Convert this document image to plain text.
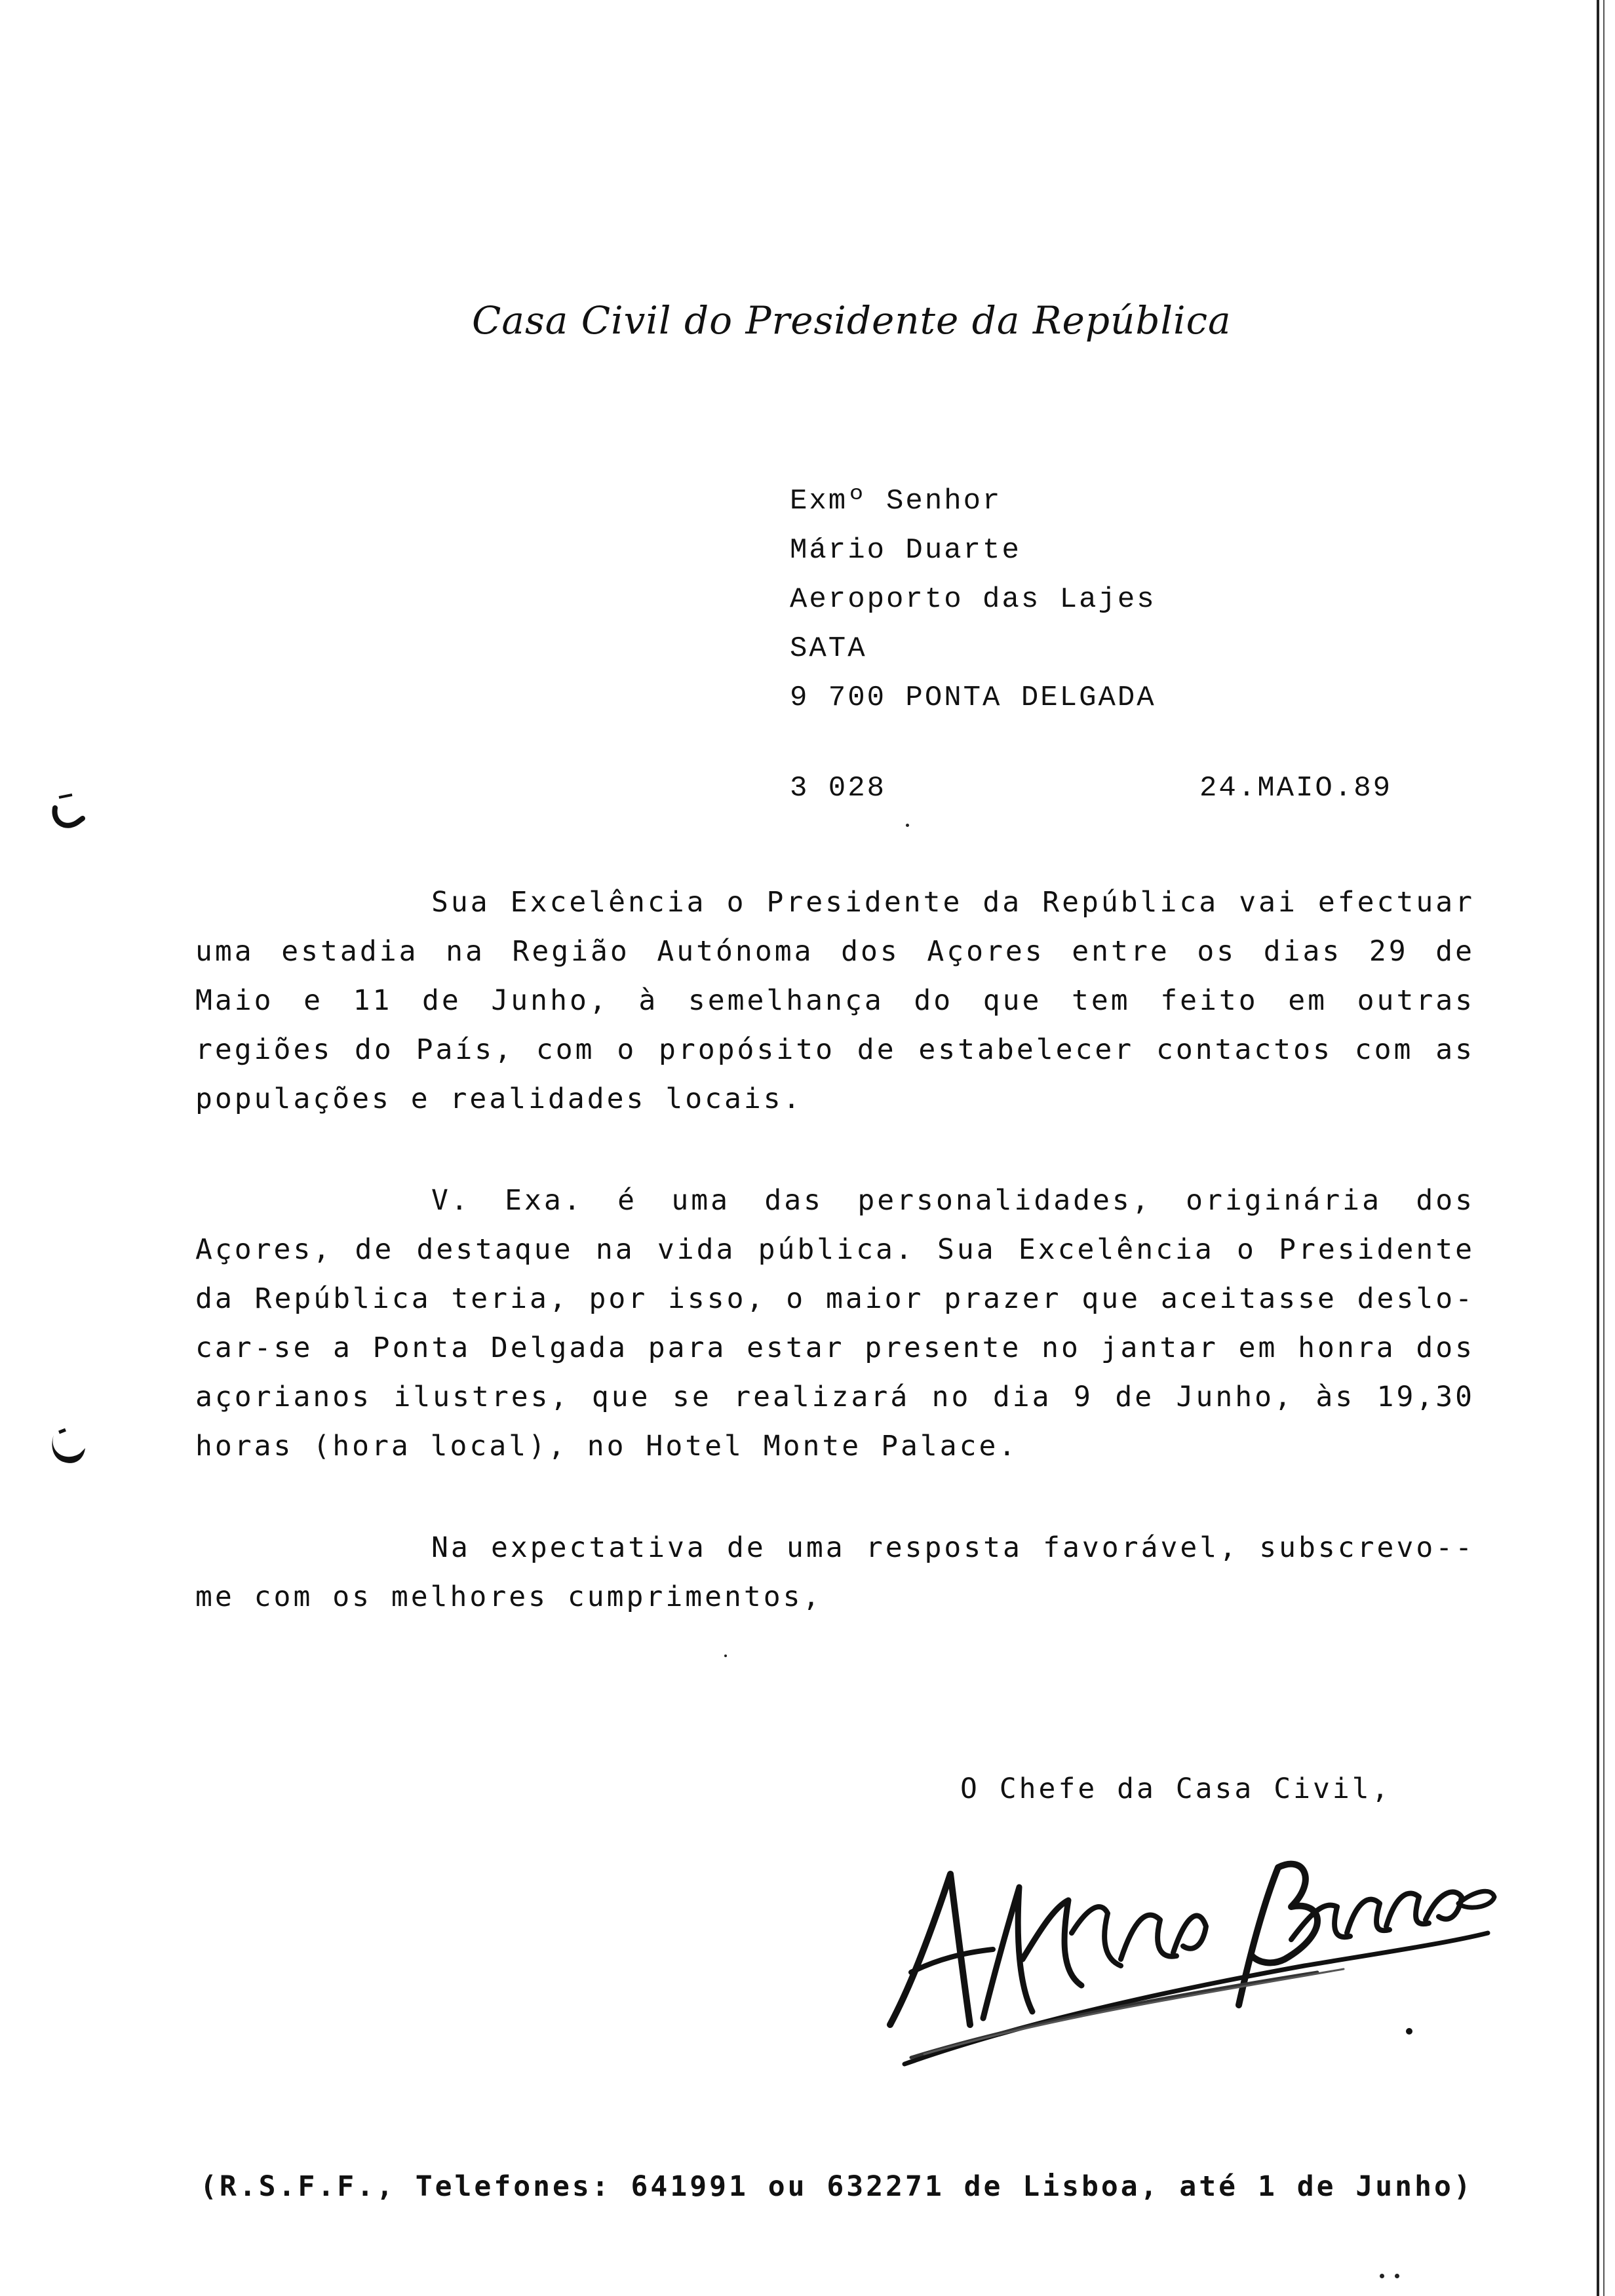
Casa Civil do Presidente da República
Exmº Senhor
Mário Duarte
Aeroporto das Lajes
SATA
9 700 PONTA DELGADA
3 028	24.MAIO.89
Sua Excelência o Presidente da República vai efectuar uma estadia na Região Autónoma dos Açores entre os dias 29 de Maio e 11 de Junho, à semelhança do que tem feito em outras regiões do País, com o propósito de estabelecer contactos com as populações e realidades locais.
V. Exa. é uma das personalidades, originária dos Açores, de destaque na vida pública. Sua Excelência o Presidente da República teria, por isso, o maior prazer que aceitasse deslo-car-se a Ponta Delgada para estar presente no jantar em honra dos açorianos ilustres, que se realizará no dia 9 de Junho, às 19,30 horas (hora local), no Hotel Monte Palace.
Na expectativa de uma resposta favorável, subscrevo--me com os melhores cumprimentos,
O Chefe da Casa Civil,
(R.S.F.F., Telefones: 641991 ou 632271 de Lisboa, até 1 de Junho)
